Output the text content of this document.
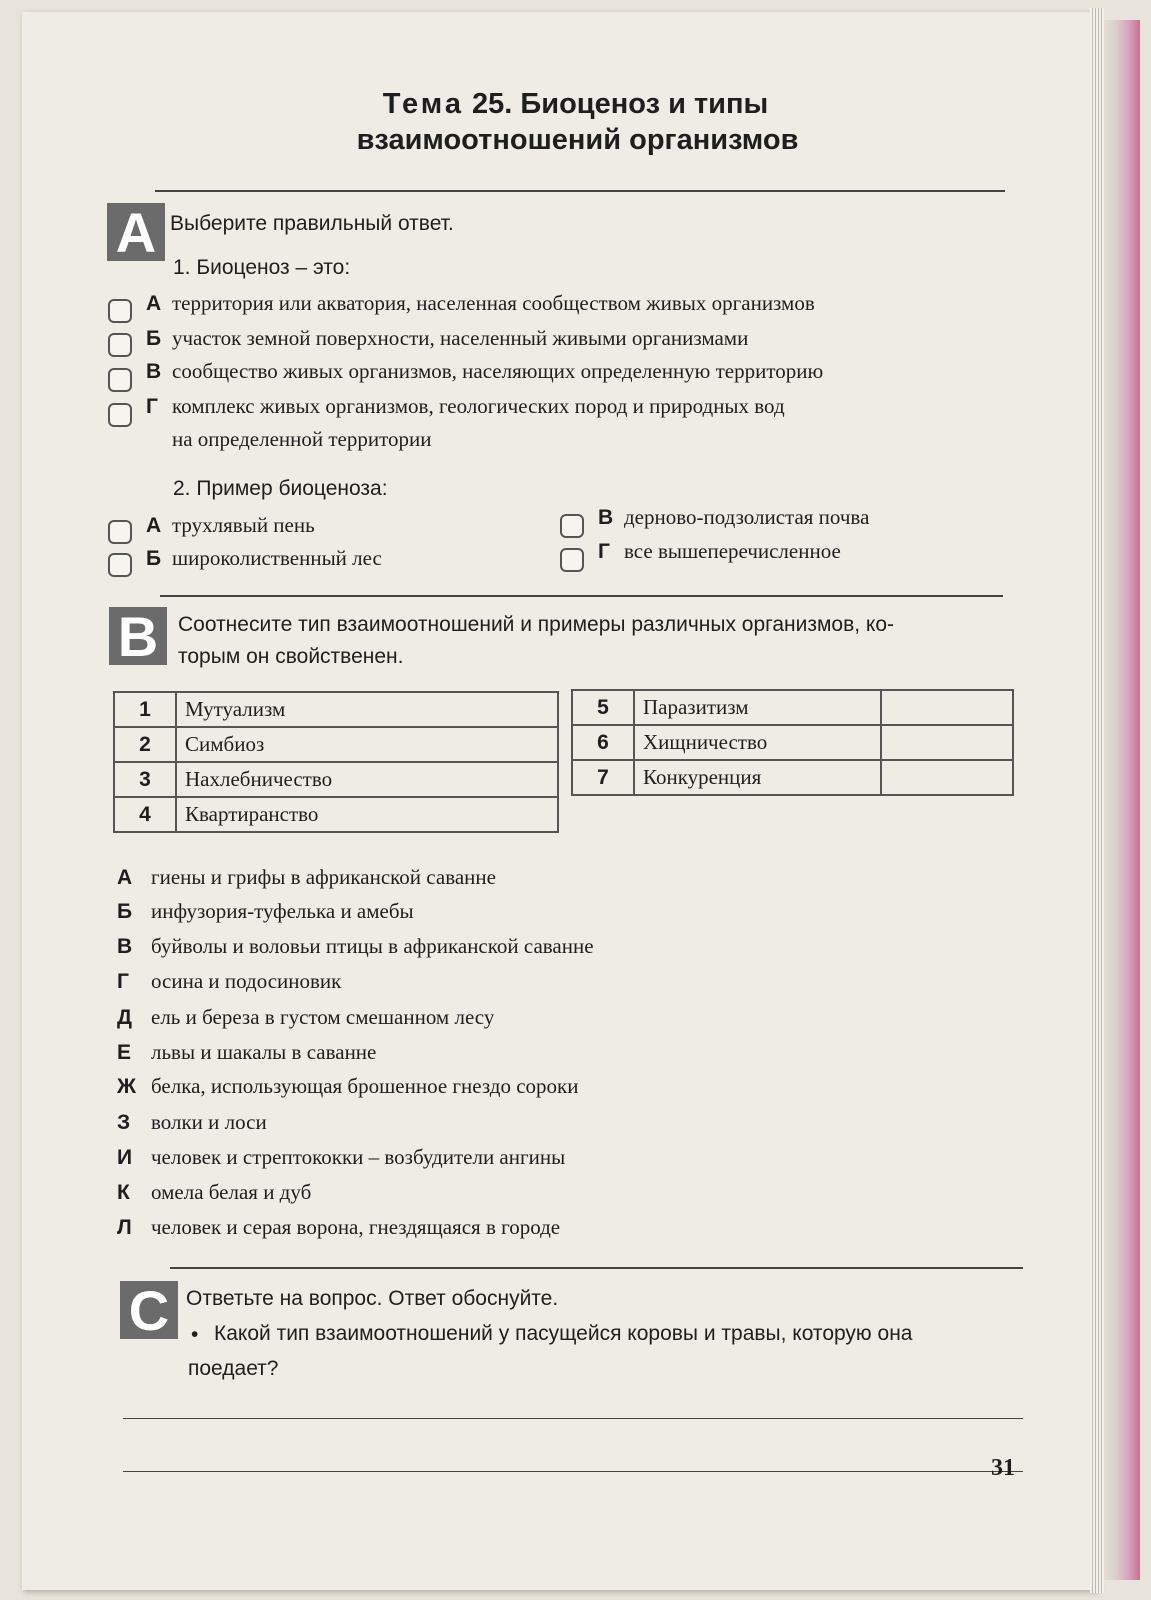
Тема 25. Биоценоз и типы
взаимоотношений организмов
A Выберите правильный ответ.
1. Биоценоз – это:
А территория или акватория, населенная сообществом живых организмов
Б участок земной поверхности, населенный живыми организмами
В сообщество живых организмов, населяющих определенную территорию
Г комплекс живых организмов, геологических пород и природных вод
на определенной территории
2. Пример биоценоза:
А трухлявый пень
Б широколиственный лес
В дерново-подзолистая почва
Г все вышеперечисленное
B Соотнесите тип взаимоотношений и примеры различных организмов, ко-
торым он свойственен.
1	Мутуализм
2	Симбиоз
3	Нахлебничество
4	Квартиранство
5	Паразитизм	
6	Хищничество	
7	Конкуренция	
А гиены и грифы в африканской саванне
Б инфузория-туфелька и амебы
В буйволы и воловьи птицы в африканской саванне
Г осина и подосиновик
Д ель и береза в густом смешанном лесу
Е львы и шакалы в саванне
Ж белка, использующая брошенное гнездо сороки
З волки и лоси
И человек и стрептококки – возбудители ангины
К омела белая и дуб
Л человек и серая ворона, гнездящаяся в городе
C Ответьте на вопрос. Ответ обоснуйте.
• Какой тип взаимоотношений у пасущейся коровы и травы, которую она
поедает?
31
